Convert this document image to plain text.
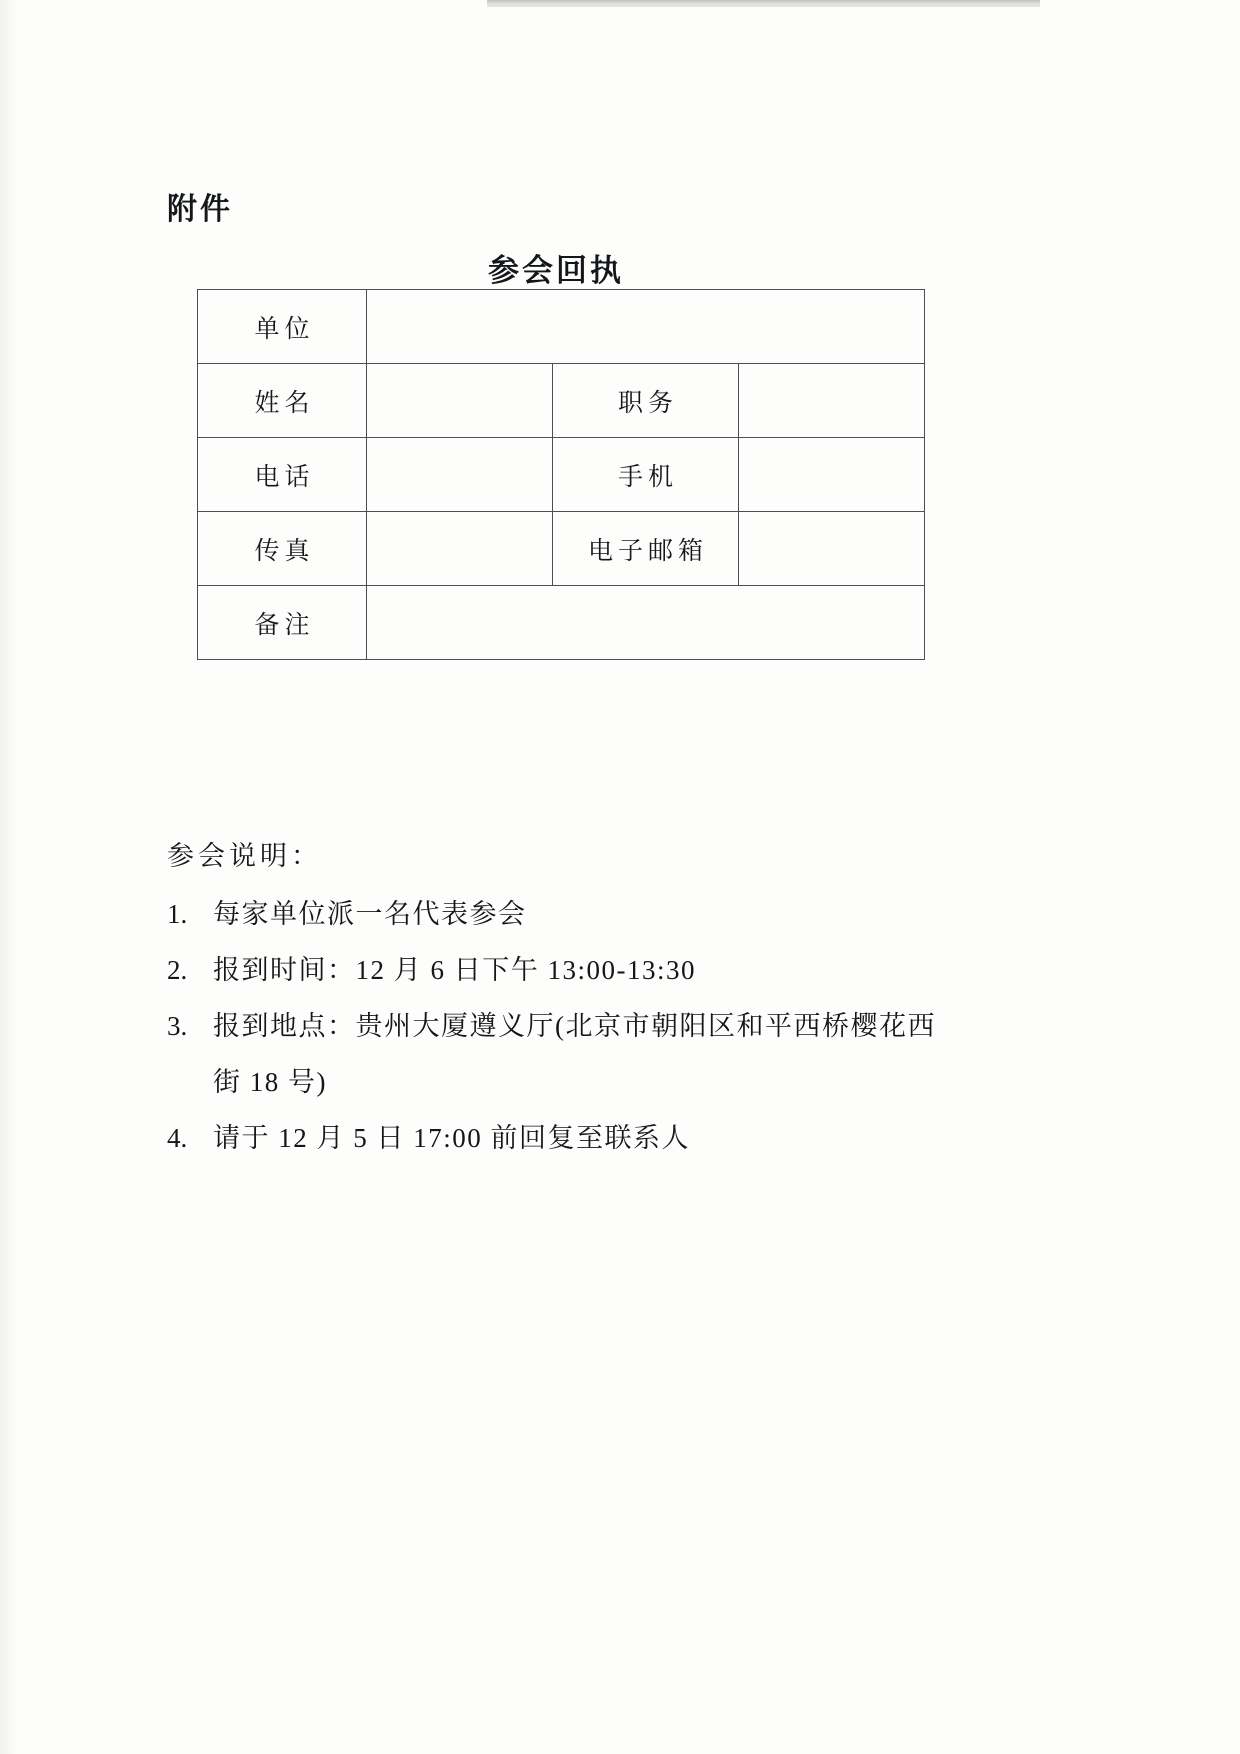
附件
参会回执
单位			
姓名		职务	
电话		手机	
传真		电子邮箱	
备注			
参会说明：
1. 每家单位派一名代表参会
2. 报到时间：12 月 6 日下午 13:00-13:30
3. 报到地点：贵州大厦遵义厅(北京市朝阳区和平西桥樱花西
街 18 号)
4. 请于 12 月 5 日 17:00 前回复至联系人
